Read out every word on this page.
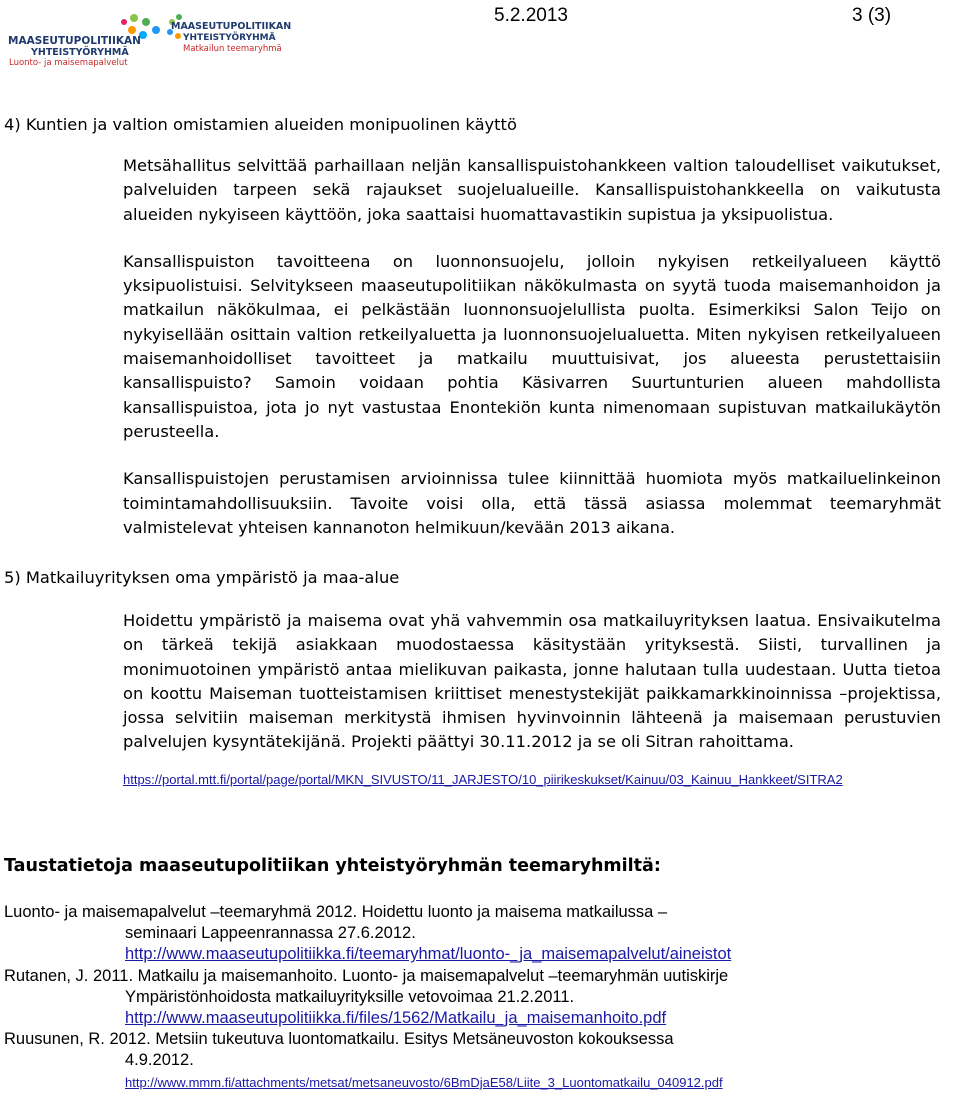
MAASEUTUPOLITIIKAN
YHTEISTYÖRYHMÄ
Luonto- ja maisemapalvelut
MAASEUTUPOLITIIKAN
YHTEISTYÖRYHMÄ
Matkailun teemaryhmä
5.2.2013	3 (3)
4) Kuntien ja valtion omistamien alueiden monipuolinen käyttö

Metsähallitus selvittää parhaillaan neljän kansallispuistohankkeen valtion taloudelliset vaikutukset, palveluiden tarpeen sekä rajaukset suojelualueille. Kansallispuistohankkeella on vaikutusta alueiden nykyiseen käyttöön, joka saattaisi huomattavastikin supistua ja yksipuolistua.

Kansallispuiston tavoitteena on luonnonsuojelu, jolloin nykyisen retkeilyalueen käyttö yksipuolistuisi. Selvitykseen maaseutupolitiikan näkökulmasta on syytä tuoda maisemanhoidon ja matkailun näkökulmaa, ei pelkästään luonnonsuojelullista puolta. Esimerkiksi Salon Teijo on nykyisellään osittain valtion retkeilyaluetta ja luonnonsuojelualuetta. Miten nykyisen retkeilyalueen maisemanhoidolliset tavoitteet ja matkailu muuttuisivat, jos alueesta perustettaisiin kansallispuisto? Samoin voidaan pohtia Käsivarren Suurtunturien alueen mahdollista kansallispuistoa, jota jo nyt vastustaa Enontekiön kunta nimenomaan supistuvan matkailukäytön perusteella.

Kansallispuistojen perustamisen arvioinnissa tulee kiinnittää huomiota myös matkailuelinkeinon toimintamahdollisuuksiin. Tavoite voisi olla, että tässä asiassa molemmat teemaryhmät valmistelevat yhteisen kannanoton helmikuun/kevään 2013 aikana.

5) Matkailuyrityksen oma ympäristö ja maa-alue

Hoidettu ympäristö ja maisema ovat yhä vahvemmin osa matkailuyrityksen laatua. Ensivaikutelma on tärkeä tekijä asiakkaan muodostaessa käsitystään yrityksestä. Siisti, turvallinen ja monimuotoinen ympäristö antaa mielikuvan paikasta, jonne halutaan tulla uudestaan. Uutta tietoa on koottu Maiseman tuotteistamisen kriittiset menestystekijät paikkamarkkinoinnissa –projektissa, jossa selvitiin maiseman merkitystä ihmisen hyvinvoinnin lähteenä ja maisemaan perustuvien palvelujen kysyntätekijänä. Projekti päättyi 30.11.2012 ja se oli Sitran rahoittama.

https://portal.mtt.fi/portal/page/portal/MKN_SIVUSTO/11_JARJESTO/10_piirikeskukset/Kainuu/03_Kainuu_Hankkeet/SITRA2
Taustatietoja maaseutupolitiikan yhteistyöryhmän teemaryhmiltä:
Luonto- ja maisemapalvelut –teemaryhmä 2012. Hoidettu luonto ja maisema matkailussa –
seminaari Lappeenrannassa 27.6.2012.
http://www.maaseutupolitiikka.fi/teemaryhmat/luonto-_ja_maisemapalvelut/aineistot
Rutanen, J. 2011. Matkailu ja maisemanhoito. Luonto- ja maisemapalvelut –teemaryhmän uutiskirje
Ympäristönhoidosta matkailuyrityksille vetovoimaa 21.2.2011.
http://www.maaseutupolitiikka.fi/files/1562/Matkailu_ja_maisemanhoito.pdf
Ruusunen, R. 2012. Metsiin tukeutuva luontomatkailu. Esitys Metsäneuvoston kokouksessa
4.9.2012.
http://www.mmm.fi/attachments/metsat/metsaneuvosto/6BmDjaE58/Liite_3_Luontomatkailu_040912.pdf
